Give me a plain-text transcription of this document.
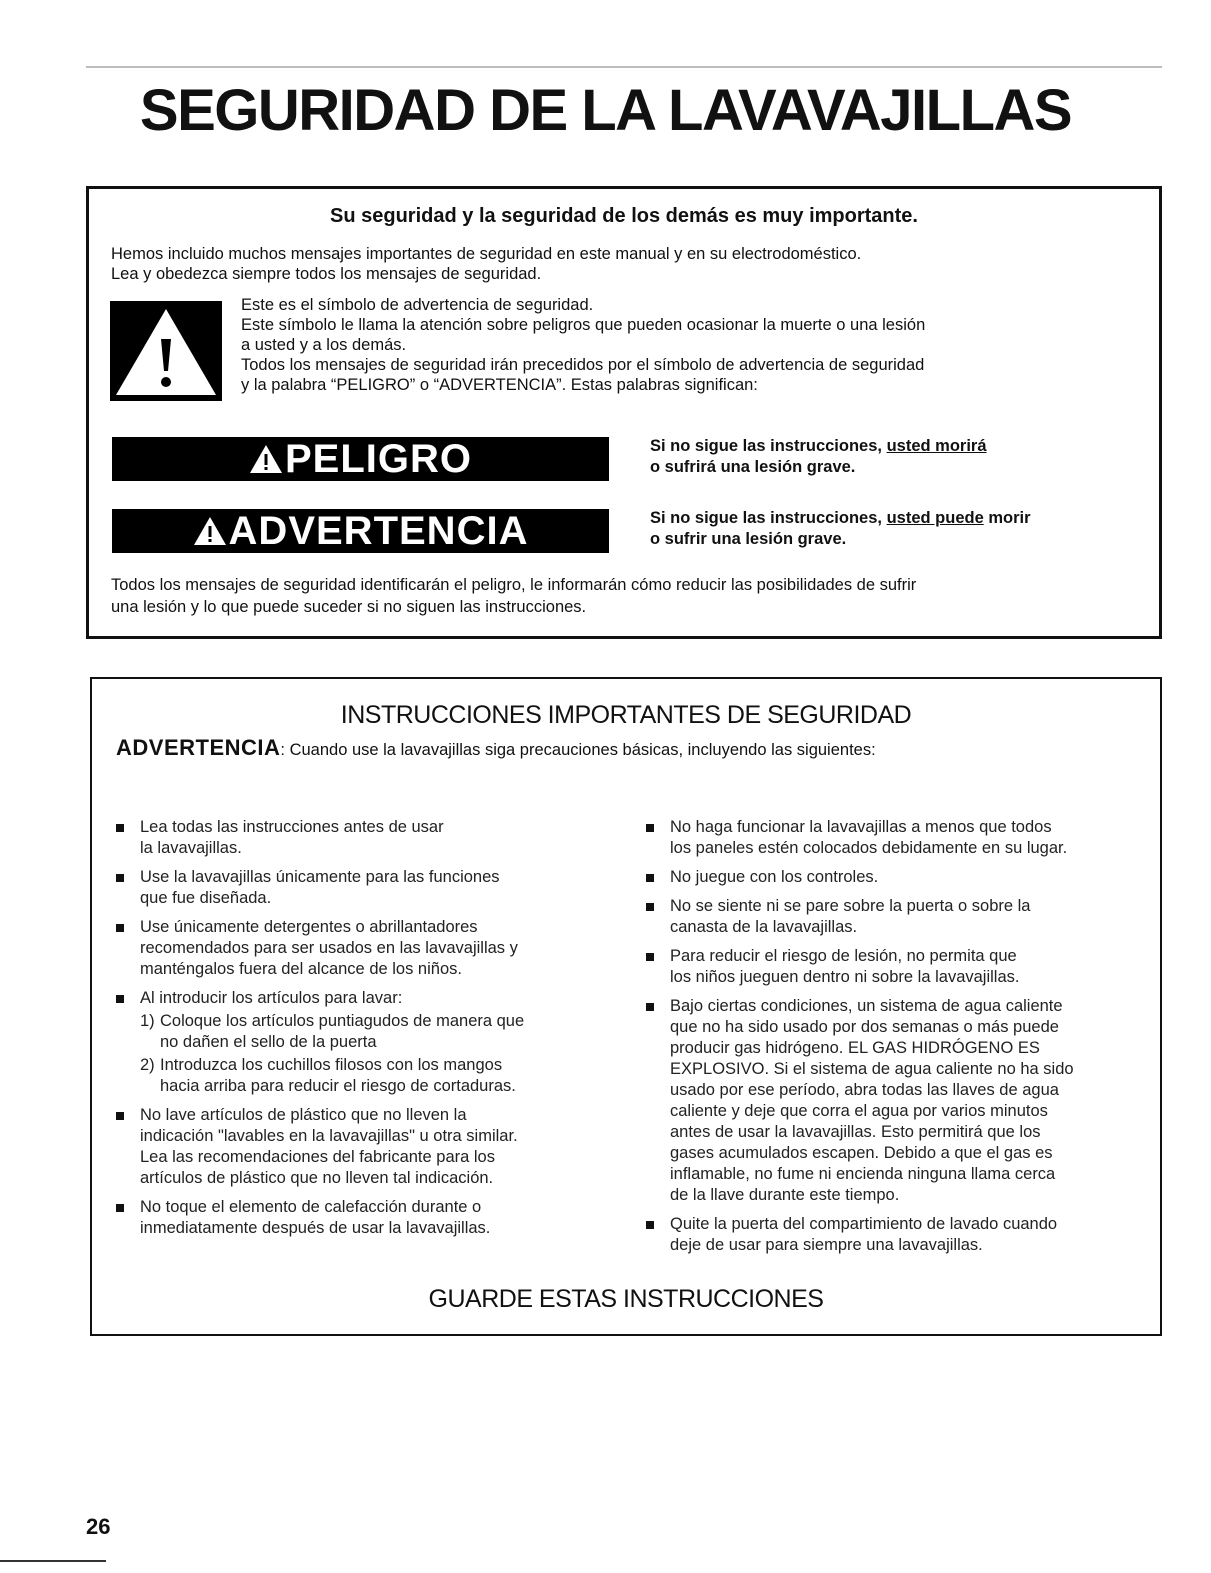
SEGURIDAD DE LA LAVAVAJILLAS
Su seguridad y la seguridad de los demás es muy importante.
Hemos incluido muchos mensajes importantes de seguridad en este manual y en su electrodoméstico.
Lea y obedezca siempre todos los mensajes de seguridad.
Este es el símbolo de advertencia de seguridad.
Este símbolo le llama la atención sobre peligros que pueden ocasionar la muerte o una lesión
a usted y a los demás.
Todos los mensajes de seguridad irán precedidos por el símbolo de advertencia de seguridad
y la palabra “PELIGRO” o “ADVERTENCIA”. Estas palabras significan:
PELIGRO	Si no sigue las instrucciones, usted morirá
o sufrirá una lesión grave.
ADVERTENCIA	Si no sigue las instrucciones, usted puede morir
o sufrir una lesión grave.
Todos los mensajes de seguridad identificarán el peligro, le informarán cómo reducir las posibilidades de sufrir
una lesión y lo que puede suceder si no siguen las instrucciones.
INSTRUCCIONES IMPORTANTES DE SEGURIDAD
ADVERTENCIA: Cuando use la lavavajillas siga precauciones básicas, incluyendo las siguientes:
Lea todas las instrucciones antes de usar
la lavavajillas.
Use la lavavajillas únicamente para las funciones
que fue diseñada.
Use únicamente detergentes o abrillantadores
recomendados para ser usados en las lavavajillas y
manténgalos fuera del alcance de los niños.
Al introducir los artículos para lavar:
1) Coloque los artículos puntiagudos de manera que
no dañen el sello de la puerta
2) Introduzca los cuchillos filosos con los mangos
hacia arriba para reducir el riesgo de cortaduras.
No lave artículos de plástico que no lleven la
indicación "lavables en la lavavajillas" u otra similar.
Lea las recomendaciones del fabricante para los
artículos de plástico que no lleven tal indicación.
No toque el elemento de calefacción durante o
inmediatamente después de usar la lavavajillas.
No haga funcionar la lavavajillas a menos que todos
los paneles estén colocados debidamente en su lugar.
No juegue con los controles.
No se siente ni se pare sobre la puerta o sobre la
canasta de la lavavajillas.
Para reducir el riesgo de lesión, no permita que
los niños jueguen dentro ni sobre la lavavajillas.
Bajo ciertas condiciones, un sistema de agua caliente
que no ha sido usado por dos semanas o más puede
producir gas hidrógeno. EL GAS HIDRÓGENO ES
EXPLOSIVO. Si el sistema de agua caliente no ha sido
usado por ese período, abra todas las llaves de agua
caliente y deje que corra el agua por varios minutos
antes de usar la lavavajillas. Esto permitirá que los
gases acumulados escapen. Debido a que el gas es
inflamable, no fume ni encienda ninguna llama cerca
de la llave durante este tiempo.
Quite la puerta del compartimiento de lavado cuando
deje de usar para siempre una lavavajillas.
GUARDE ESTAS INSTRUCCIONES
26
